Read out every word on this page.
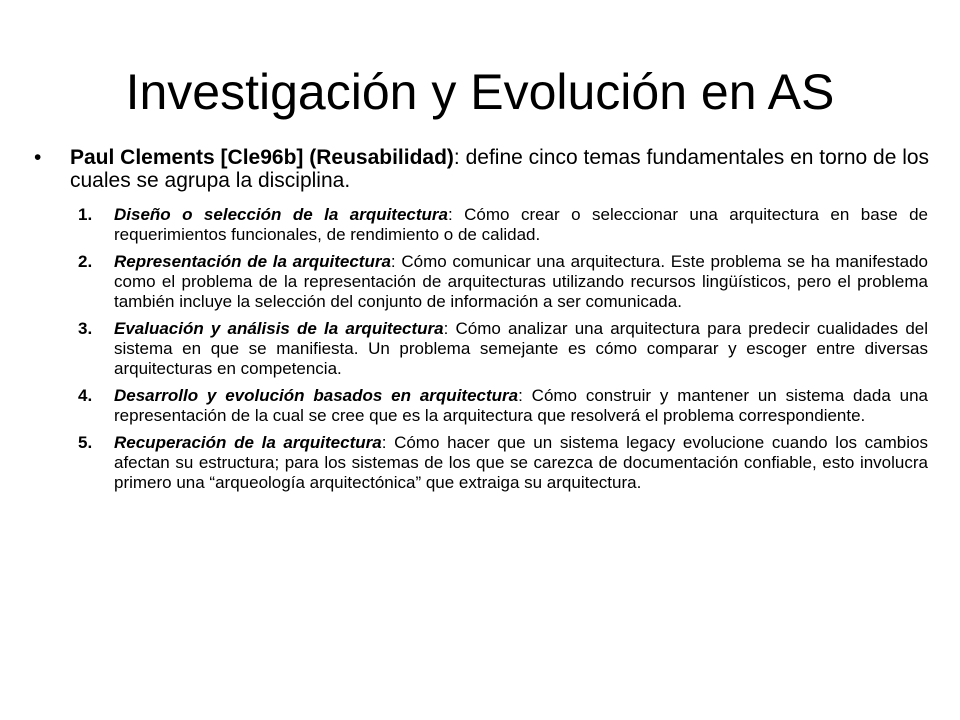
Investigación y Evolución en AS
• Paul Clements [Cle96b] (Reusabilidad): define cinco temas fundamentales en torno de los cuales se agrupa la disciplina.
1. Diseño o selección de la arquitectura: Cómo crear o seleccionar una arquitectura en base de requerimientos funcionales, de rendimiento o de calidad.
2. Representación de la arquitectura: Cómo comunicar una arquitectura. Este problema se ha manifestado como el problema de la representación de arquitecturas utilizando recursos lingüísticos, pero el problema también incluye la selección del conjunto de información a ser comunicada.
3. Evaluación y análisis de la arquitectura: Cómo analizar una arquitectura para predecir cualidades del sistema en que se manifiesta. Un problema semejante es cómo comparar y escoger entre diversas arquitecturas en competencia.
4. Desarrollo y evolución basados en arquitectura: Cómo construir y mantener un sistema dada una representación de la cual se cree que es la arquitectura que resolverá el problema correspondiente.
5. Recuperación de la arquitectura: Cómo hacer que un sistema legacy evolucione cuando los cambios afectan su estructura; para los sistemas de los que se carezca de documentación confiable, esto involucra primero una “arqueología arquitectónica” que extraiga su arquitectura.
